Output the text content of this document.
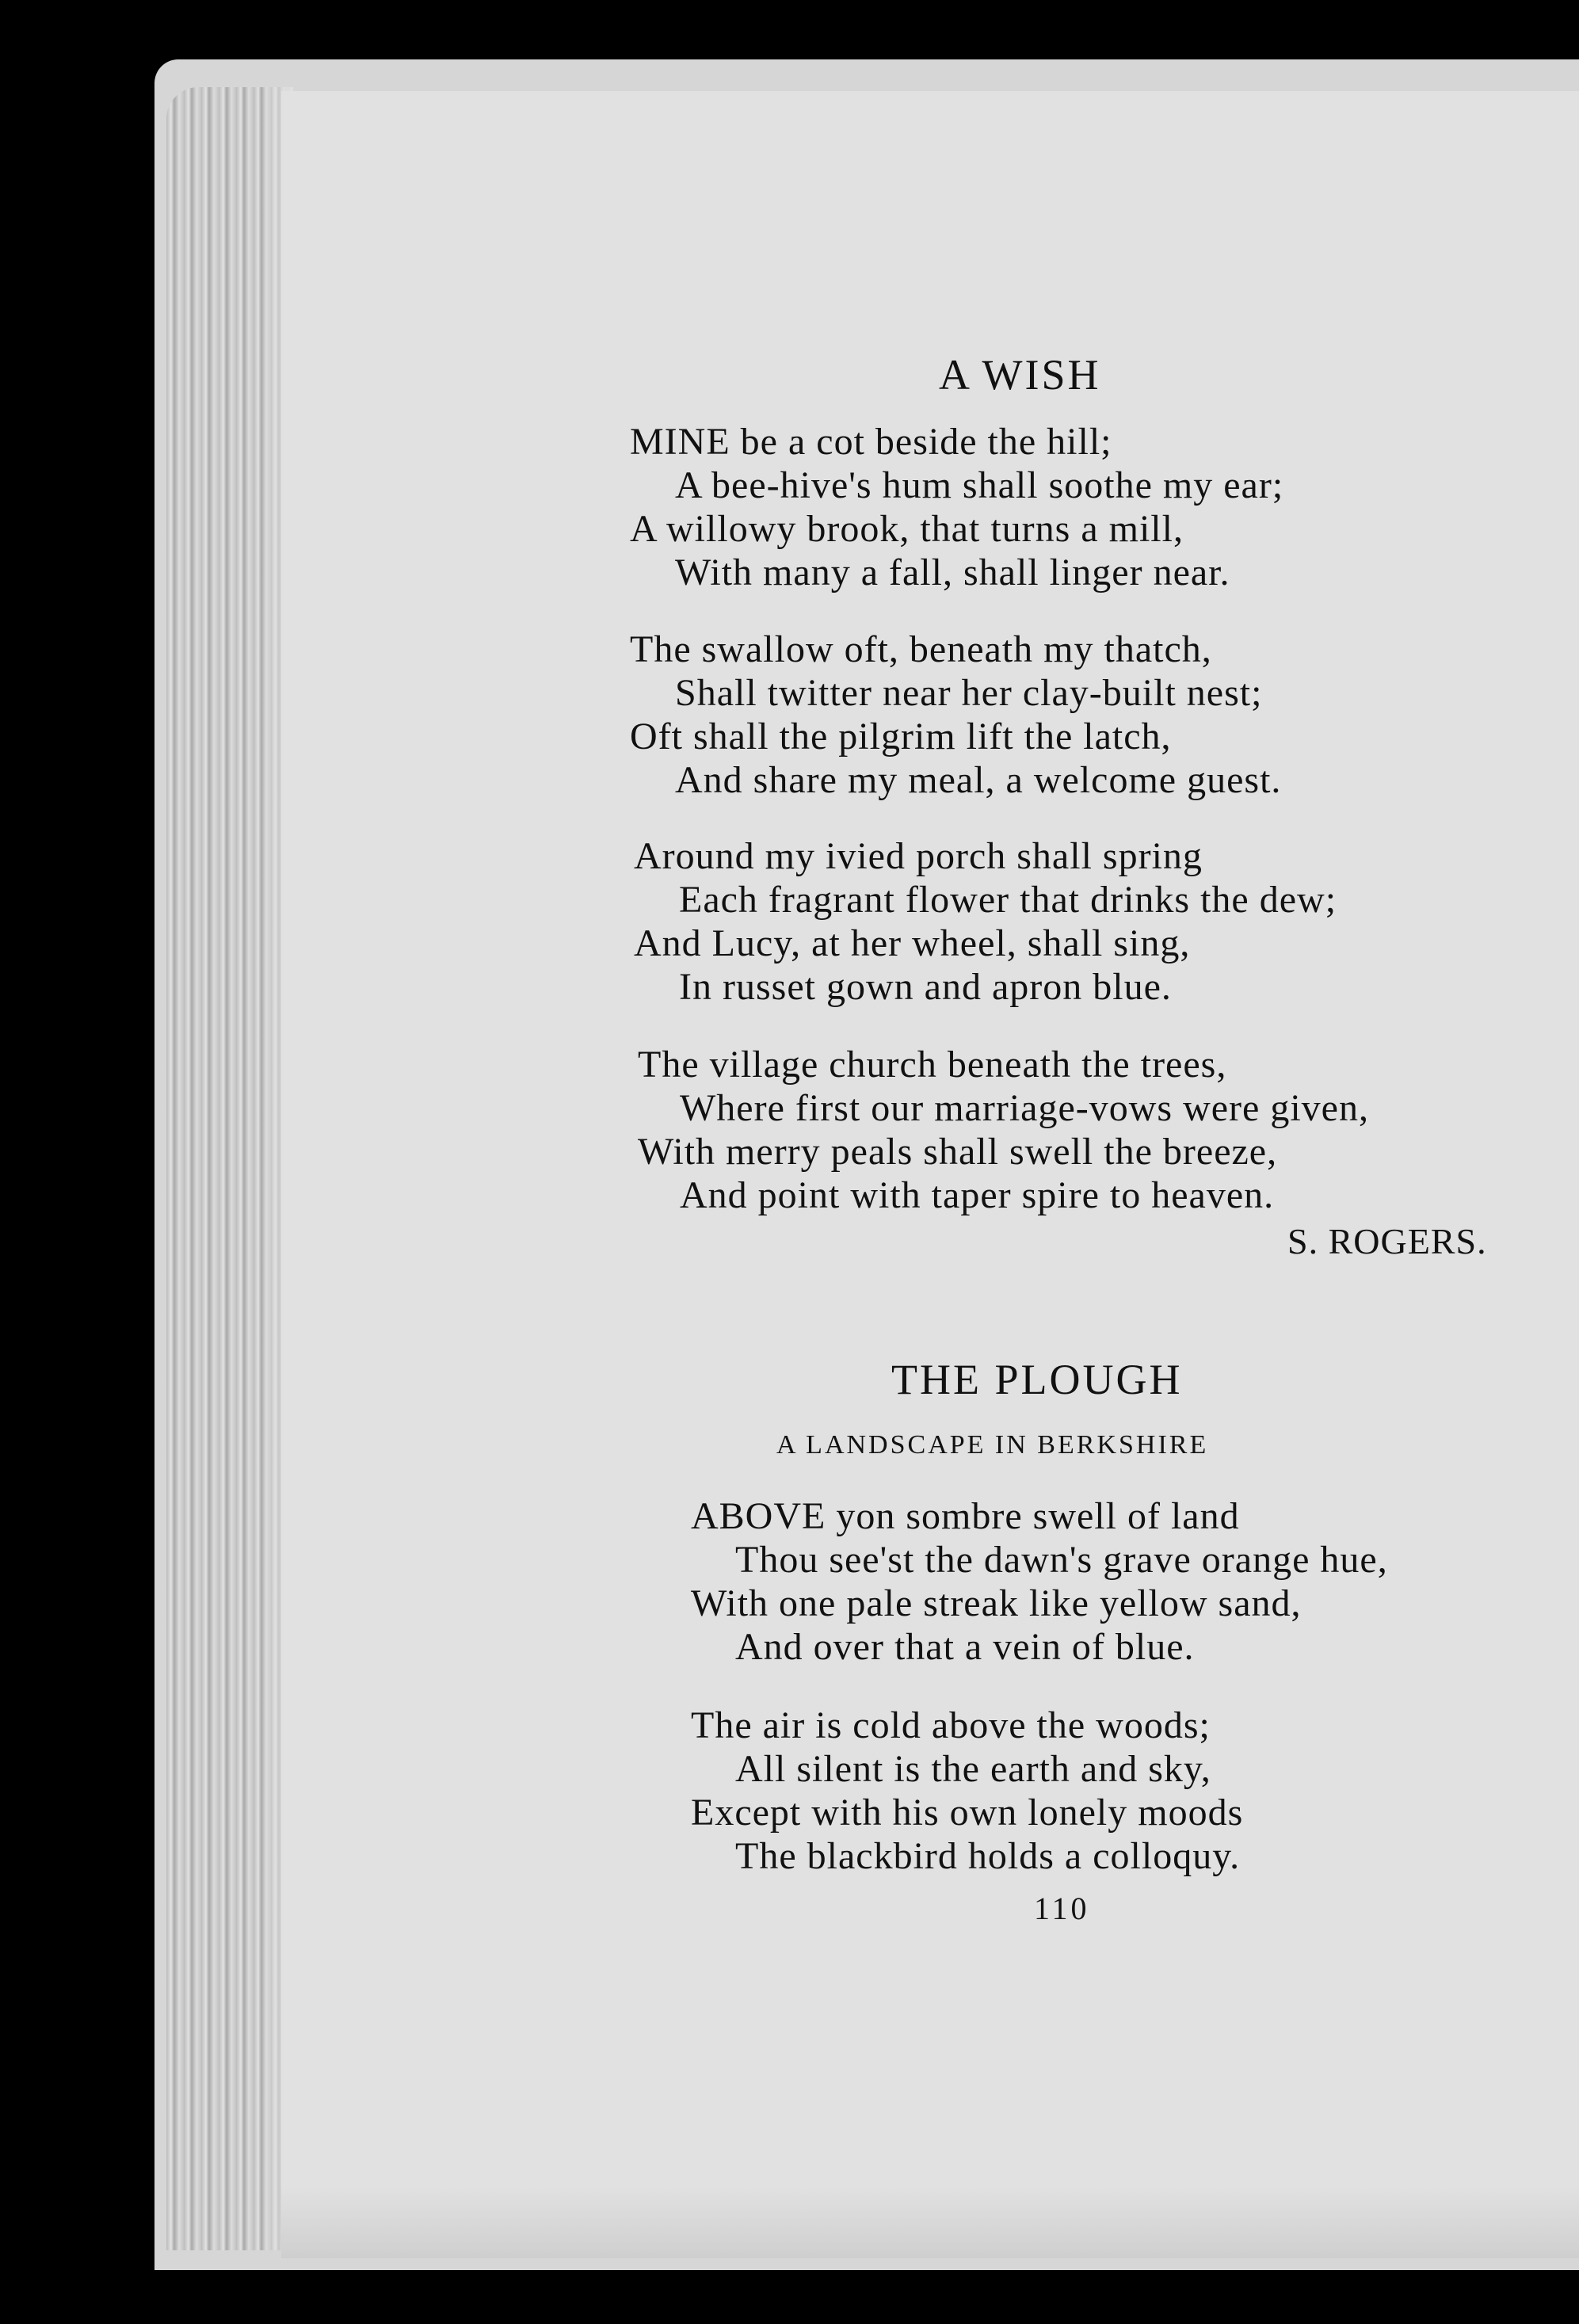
A WISH
MINE be a cot beside the hill;
A bee-hive's hum shall soothe my ear;
A willowy brook, that turns a mill,
With many a fall, shall linger near.
The swallow oft, beneath my thatch,
Shall twitter near her clay-built nest;
Oft shall the pilgrim lift the latch,
And share my meal, a welcome guest.
Around my ivied porch shall spring
Each fragrant flower that drinks the dew;
And Lucy, at her wheel, shall sing,
In russet gown and apron blue.
The village church beneath the trees,
Where first our marriage-vows were given,
With merry peals shall swell the breeze,
And point with taper spire to heaven.
S. ROGERS.
THE PLOUGH
A LANDSCAPE IN BERKSHIRE
ABOVE yon sombre swell of land
Thou see'st the dawn's grave orange hue,
With one pale streak like yellow sand,
And over that a vein of blue.
The air is cold above the woods;
All silent is the earth and sky,
Except with his own lonely moods
The blackbird holds a colloquy.
110
